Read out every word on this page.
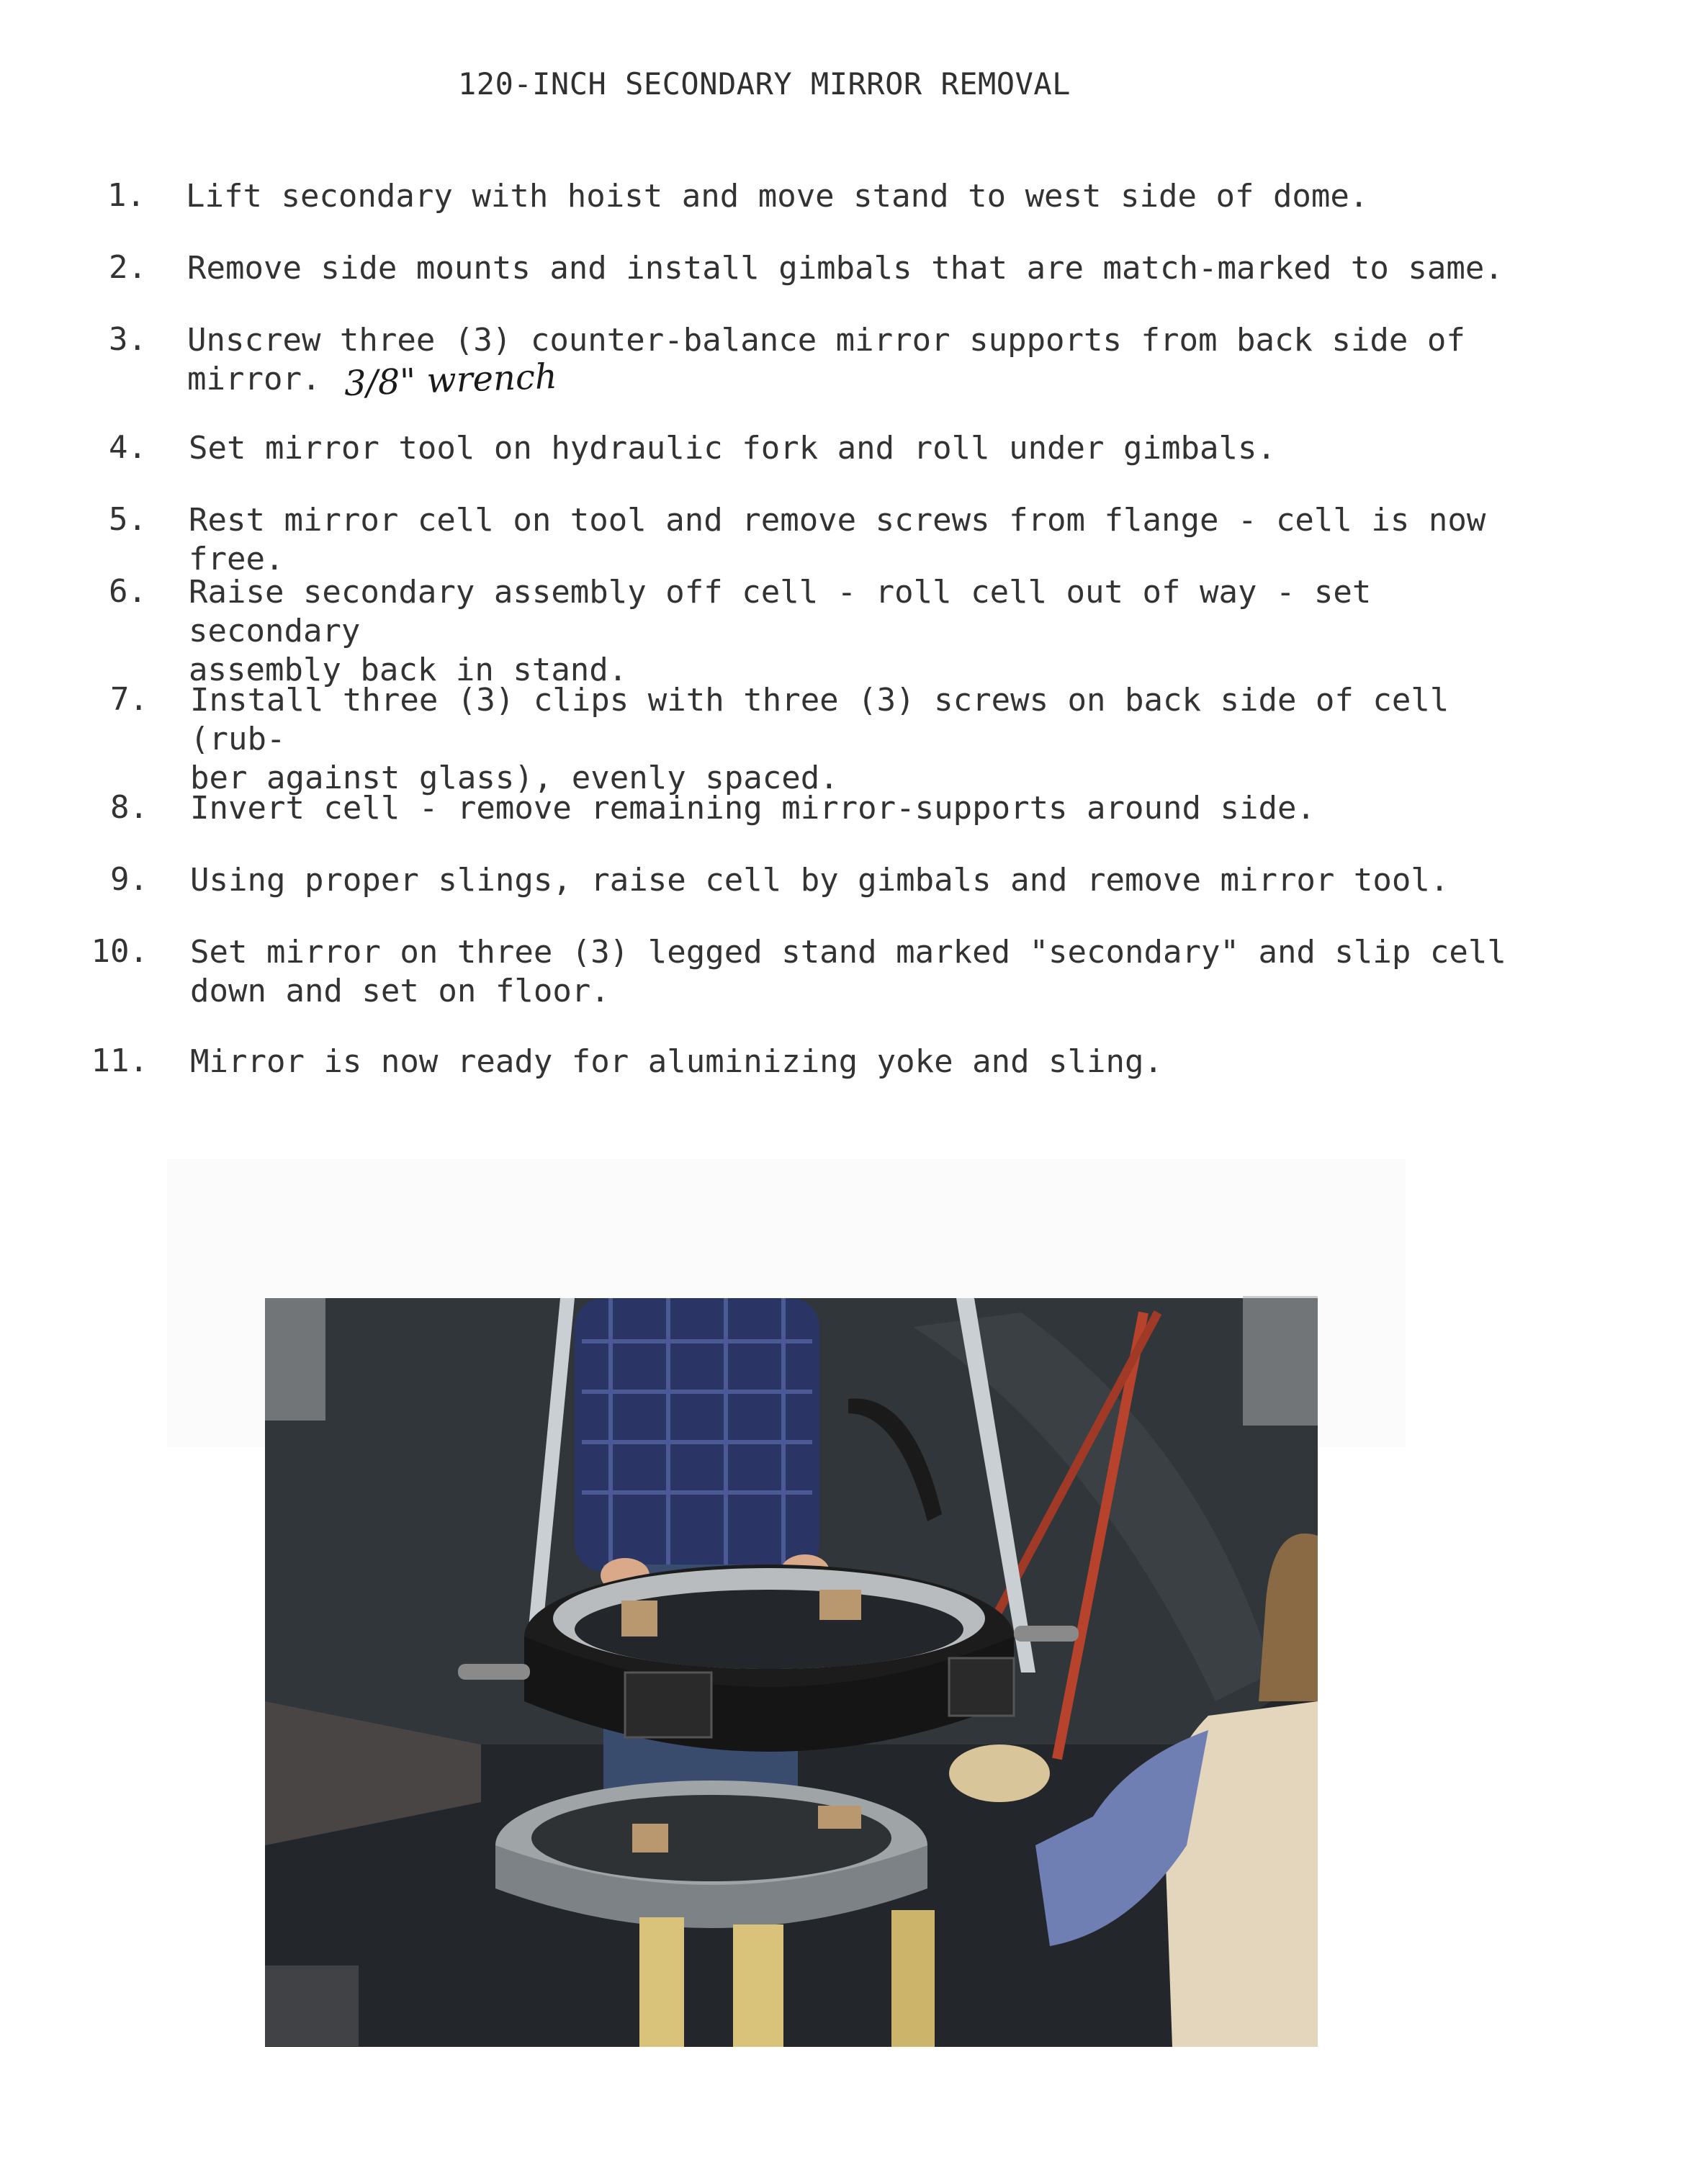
120-INCH SECONDARY MIRROR REMOVAL
1. Lift secondary with hoist and move stand to west side of dome.
2. Remove side mounts and install gimbals that are match-marked to same.
3. Unscrew three (3) counter-balance mirror supports from back side of
mirror.
4. Set mirror tool on hydraulic fork and roll under gimbals.
5. Rest mirror cell on tool and remove screws from flange - cell is now free.
6. Raise secondary assembly off cell - roll cell out of way - set secondary
assembly back in stand.
7. Install three (3) clips with three (3) screws on back side of cell (rub-
ber against glass), evenly spaced.
8. Invert cell - remove remaining mirror-supports around side.
9. Using proper slings, raise cell by gimbals and remove mirror tool.
10. Set mirror on three (3) legged stand marked "secondary" and slip cell
down and set on floor.
11. Mirror is now ready for aluminizing yoke and sling.
3/8" wrench
